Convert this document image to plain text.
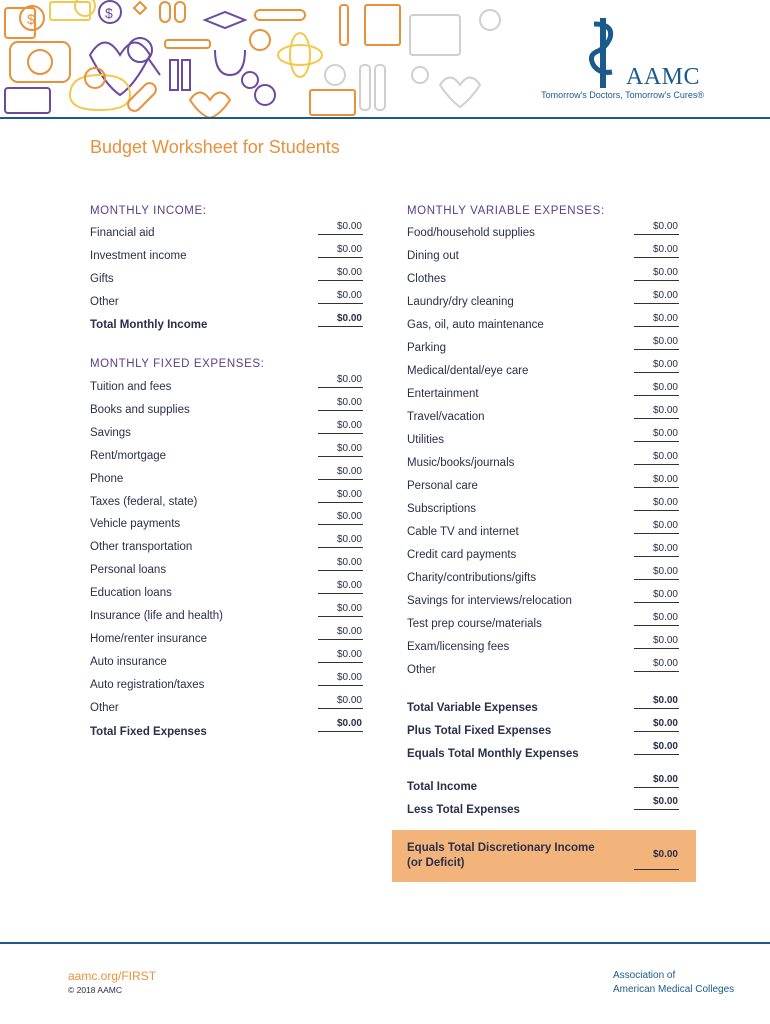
$	$
AAMC
Tomorrow's Doctors, Tomorrow's Cures®
Budget Worksheet for Students
MONTHLY INCOME:
Financial aid
$0.00
Investment income
$0.00
Gifts
$0.00
Other
$0.00
Total Monthly Income
$0.00
MONTHLY FIXED EXPENSES:
Tuition and fees
$0.00
Books and supplies
$0.00
Savings
$0.00
Rent/mortgage
$0.00
Phone
$0.00
Taxes (federal, state)
$0.00
Vehicle payments
$0.00
Other transportation
$0.00
Personal loans
$0.00
Education loans
$0.00
Insurance (life and health)
$0.00
Home/renter insurance
$0.00
Auto insurance
$0.00
Auto registration/taxes
$0.00
Other
$0.00
Total Fixed Expenses
$0.00
MONTHLY VARIABLE EXPENSES:
Food/household supplies
$0.00
Dining out
$0.00
Clothes
$0.00
Laundry/dry cleaning
$0.00
Gas, oil, auto maintenance
$0.00
Parking
$0.00
Medical/dental/eye care
$0.00
Entertainment
$0.00
Travel/vacation
$0.00
Utilities
$0.00
Music/books/journals
$0.00
Personal care
$0.00
Subscriptions
$0.00
Cable TV and internet
$0.00
Credit card payments
$0.00
Charity/contributions/gifts
$0.00
Savings for interviews/relocation
$0.00
Test prep course/materials
$0.00
Exam/licensing fees
$0.00
Other
$0.00
Total Variable Expenses
$0.00
Plus Total Fixed Expenses
$0.00
Equals Total Monthly Expenses
$0.00
Total Income
$0.00
Less Total Expenses
$0.00
Equals Total Discretionary Income
(or Deficit)
$0.00
aamc.org/FIRST
© 2018 AAMC
Association of
American Medical Colleges
